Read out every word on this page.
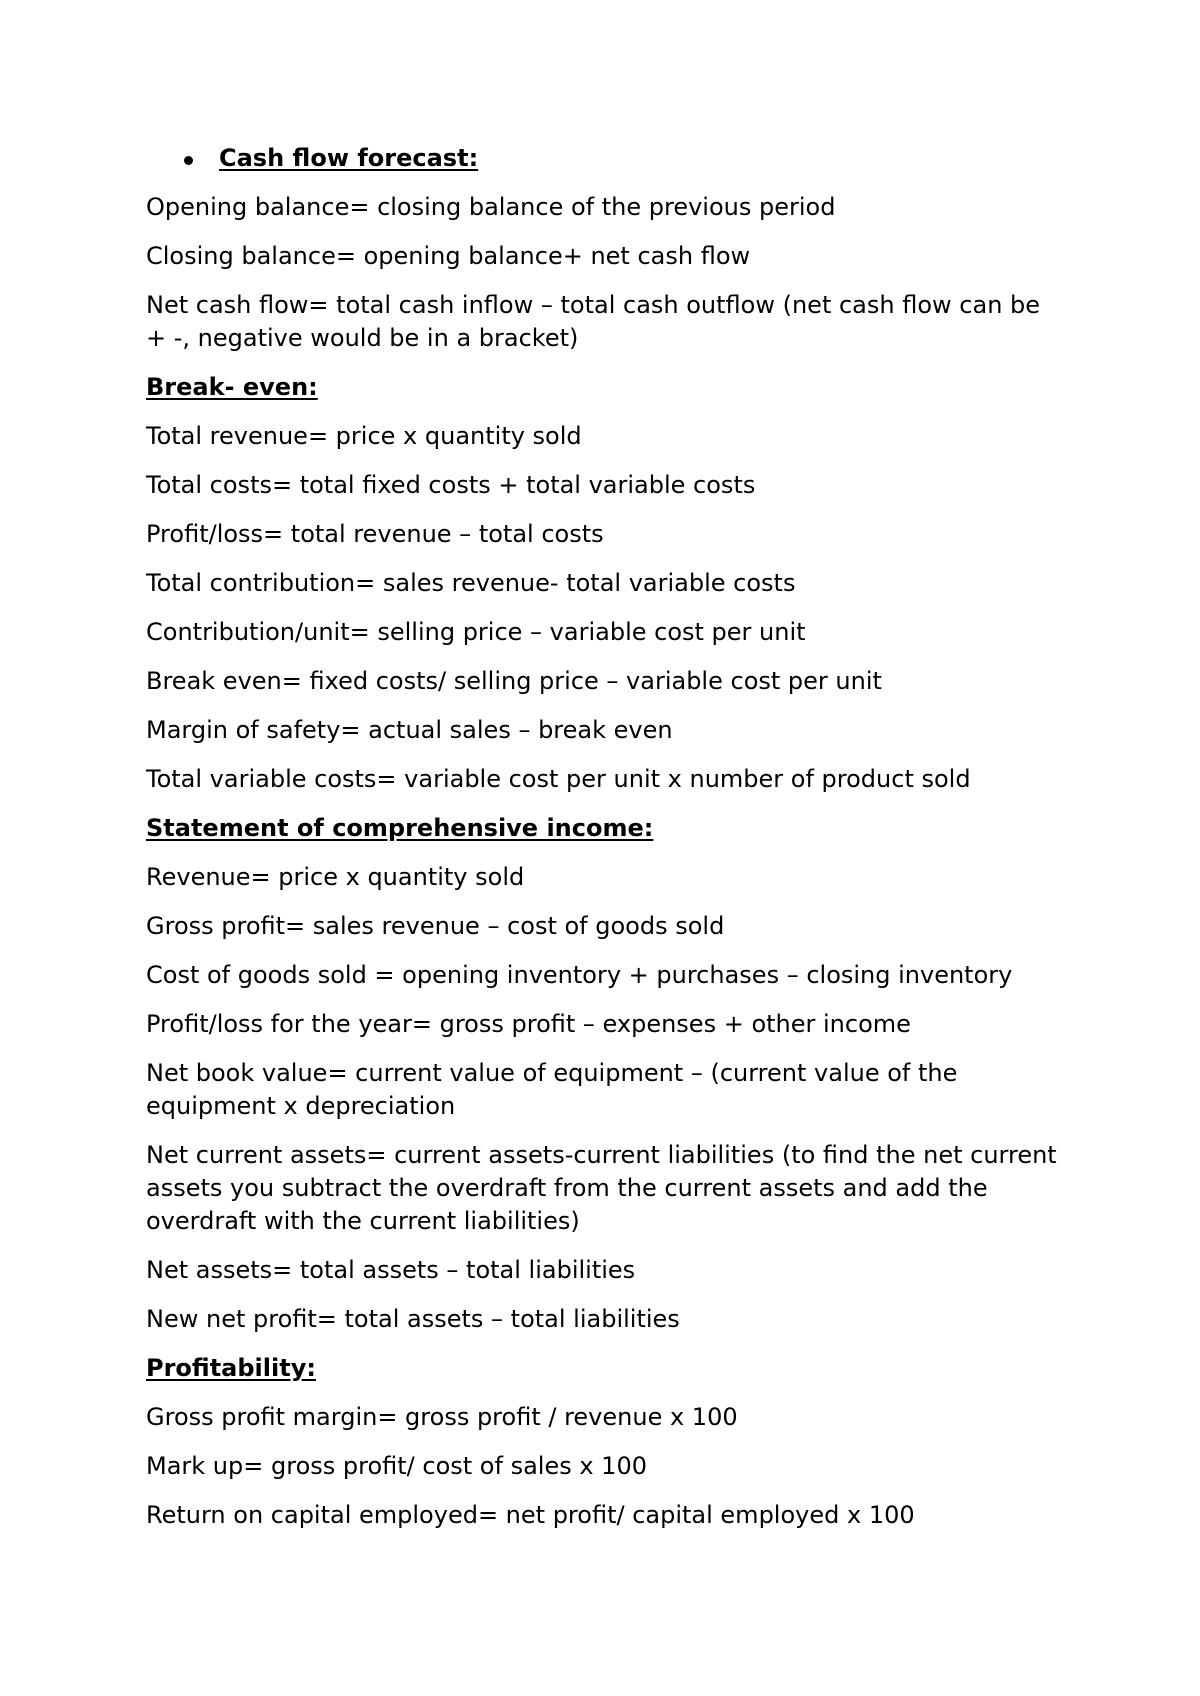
Cash flow forecast:

Opening balance= closing balance of the previous period

Closing balance= opening balance+ net cash flow

Net cash flow= total cash inflow – total cash outflow (net cash flow can be + -, negative would be in a bracket)

Break- even:

Total revenue= price x quantity sold

Total costs= total fixed costs + total variable costs

Profit/loss= total revenue – total costs

Total contribution= sales revenue- total variable costs

Contribution/unit= selling price – variable cost per unit

Break even= fixed costs/ selling price – variable cost per unit

Margin of safety= actual sales – break even

Total variable costs= variable cost per unit x number of product sold

Statement of comprehensive income:

Revenue= price x quantity sold

Gross profit= sales revenue – cost of goods sold

Cost of goods sold = opening inventory + purchases – closing inventory

Profit/loss for the year= gross profit – expenses + other income

Net book value= current value of equipment – (current value of the equipment x depreciation

Net current assets= current assets-current liabilities (to find the net current assets you subtract the overdraft from the current assets and add the overdraft with the current liabilities)

Net assets= total assets – total liabilities

New net profit= total assets – total liabilities

Profitability:

Gross profit margin= gross profit / revenue x 100

Mark up= gross profit/ cost of sales x 100

Return on capital employed= net profit/ capital employed x 100
